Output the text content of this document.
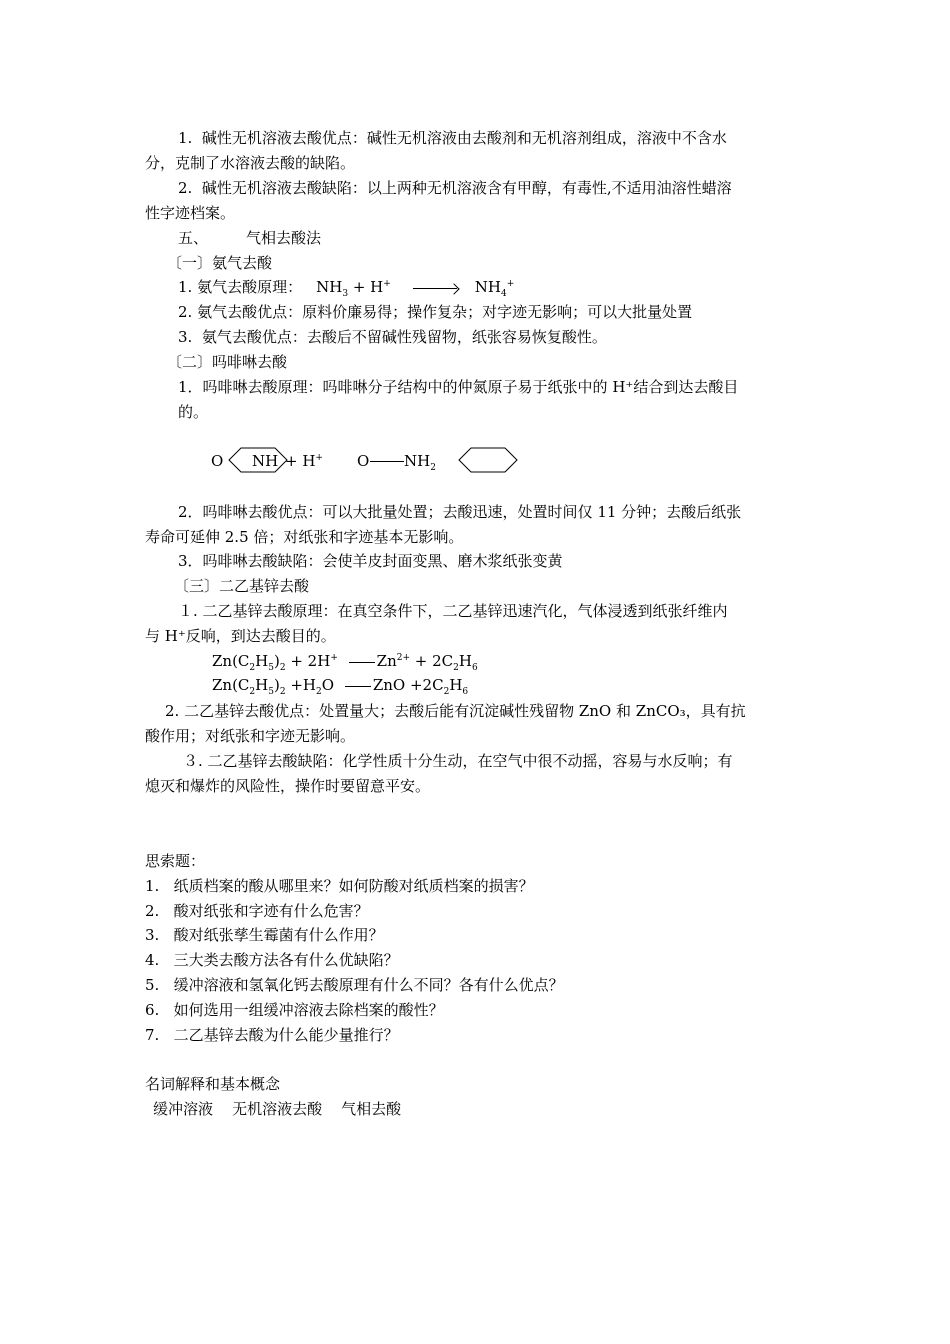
1.  碱性无机溶液去酸优点：碱性无机溶液由去酸剂和无机溶剂组成，溶液中不含水
分，克制了水溶液去酸的缺陷。
2.  碱性无机溶液去酸缺陷：以上两种无机溶液含有甲醇，有毒性,不适用油溶性蜡溶
性字迹档案。
五、	气相去酸法
〔一〕氨气去酸
1. 氨气去酸原理： $NH_3 + H^+$	$NH_4^+$
2. 氨气去酸优点：原料价廉易得；操作复杂；对字迹无影响；可以大批量处置
3.  氨气去酸优点：去酸后不留碱性残留物，纸张容易恢复酸性。
〔二〕吗啡啉去酸
1．吗啡啉去酸原理：吗啡啉分子结构中的仲氮原子易于纸张中的 H⁺结合到达去酸目
的。
O NH + H+ O $NH_2$
2．吗啡啉去酸优点：可以大批量处置；去酸迅速，处置时间仅 11 分钟；去酸后纸张
寿命可延伸 2.5 倍；对纸张和字迹基本无影响。
3．吗啡啉去酸缺陷：会使羊皮封面变黑、磨木浆纸张变黄
〔三〕二乙基锌去酸
１. 二乙基锌去酸原理：在真空条件下，二乙基锌迅速汽化，气体浸透到纸张纤维内
与 H⁺反响，到达去酸目的。
$Zn(C_2H_5)_2 + 2H^+$	$Zn^{2+} + 2C_2H_6$
$Zn(C_2H_5)_2 +H_2O$	ZnO $+2C_2H_6$
2. 二乙基锌去酸优点：处置量大；去酸后能有沉淀碱性残留物 ZnO 和 ZnCO₃，具有抗
酸作用；对纸张和字迹无影响。
３. 二乙基锌去酸缺陷：化学性质十分生动，在空气中很不动摇，容易与水反响；有
熄灭和爆炸的风险性，操作时要留意平安。
思索题：
1.   纸质档案的酸从哪里来？如何防酸对纸质档案的损害？
2.   酸对纸张和字迹有什么危害？
3.   酸对纸张孳生霉菌有什么作用？
4.   三大类去酸方法各有什么优缺陷？
5.   缓冲溶液和氢氧化钙去酸原理有什么不同？各有什么优点？
6.   如何选用一组缓冲溶液去除档案的酸性？
7.   二乙基锌去酸为什么能少量推行？
名词解释和基本概念
缓冲溶液    无机溶液去酸    气相去酸
